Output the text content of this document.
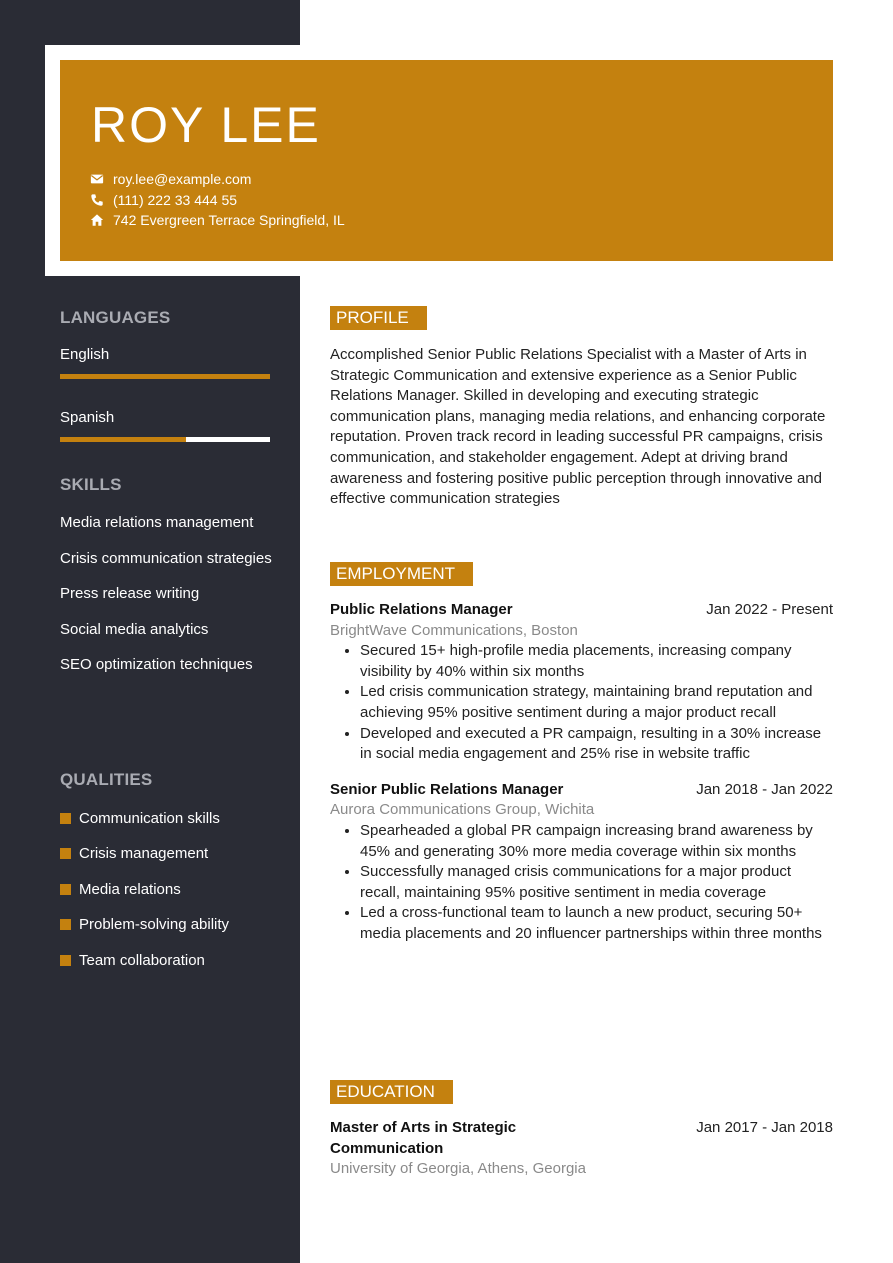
ROY LEE
roy.lee@example.com
(111) 222 33 444 55
742 Evergreen Terrace Springfield, IL
LANGUAGES
English
Spanish
SKILLS
Media relations management
Crisis communication strategies
Press release writing
Social media analytics
SEO optimization techniques
QUALITIES
Communication skills
Crisis management
Media relations
Problem-solving ability
Team collaboration
PROFILE

Accomplished Senior Public Relations Specialist with a Master of Arts in Strategic Communication and extensive experience as a Senior Public Relations Manager. Skilled in developing and executing strategic communication plans, managing media relations, and enhancing corporate reputation. Proven track record in leading successful PR campaigns, crisis communication, and stakeholder engagement. Adept at driving brand awareness and fostering positive public perception through innovative and effective communication strategies

EMPLOYMENT
Public Relations Manager	Jan 2022 - Present
BrightWave Communications, Boston
• Secured 15+ high-profile media placements, increasing company visibility by 40% within six months
• Led crisis communication strategy, maintaining brand reputation and achieving 95% positive sentiment during a major product recall
• Developed and executed a PR campaign, resulting in a 30% increase in social media engagement and 25% rise in website traffic
Senior Public Relations Manager	Jan 2018 - Jan 2022
Aurora Communications Group, Wichita
• Spearheaded a global PR campaign increasing brand awareness by 45% and generating 30% more media coverage within six months
• Successfully managed crisis communications for a major product recall, maintaining 95% positive sentiment in media coverage
• Led a cross-functional team to launch a new product, securing 50+ media placements and 20 influencer partnerships within three months
EDUCATION
Master of Arts in Strategic Communication
Jan 2017 - Jan 2018
University of Georgia, Athens, Georgia
